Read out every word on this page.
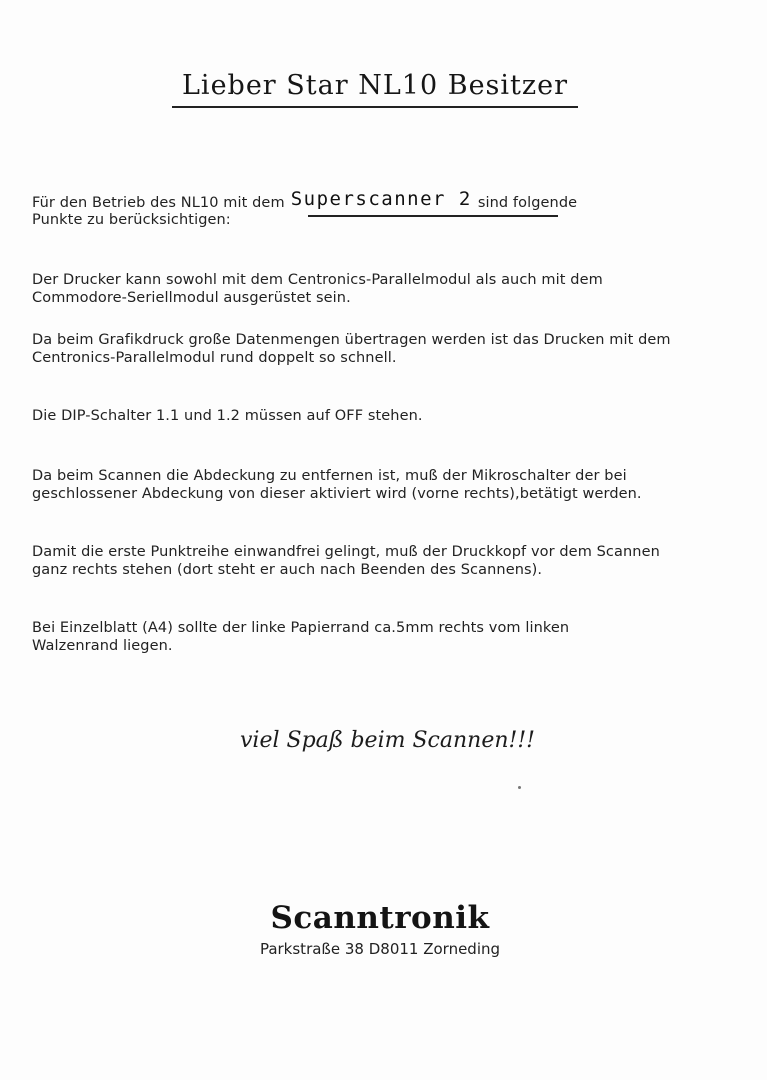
Lieber Star NL10 Besitzer
Für den Betrieb des NL10 mit dem Superscanner 2 sind folgende
Punkte zu berücksichtigen:
Der Drucker kann sowohl mit dem Centronics-Parallelmodul als auch mit dem
Commodore-Seriellmodul ausgerüstet sein.
Da beim Grafikdruck große Datenmengen übertragen werden ist das Drucken mit dem
Centronics-Parallelmodul rund doppelt so schnell.
Die DIP-Schalter 1.1 und 1.2 müssen auf OFF stehen.
Da beim Scannen die Abdeckung zu entfernen ist, muß der Mikroschalter der bei
geschlossener Abdeckung von dieser aktiviert wird (vorne rechts),betätigt werden.
Damit die erste Punktreihe einwandfrei gelingt, muß der Druckkopf vor dem Scannen
ganz rechts stehen (dort steht er auch nach Beenden des Scannens).
Bei Einzelblatt (A4) sollte der linke Papierrand ca.5mm rechts vom linken
Walzenrand liegen.
viel Spaß beim Scannen!!!
Scanntronik
Parkstraße 38 D8011 Zorneding
